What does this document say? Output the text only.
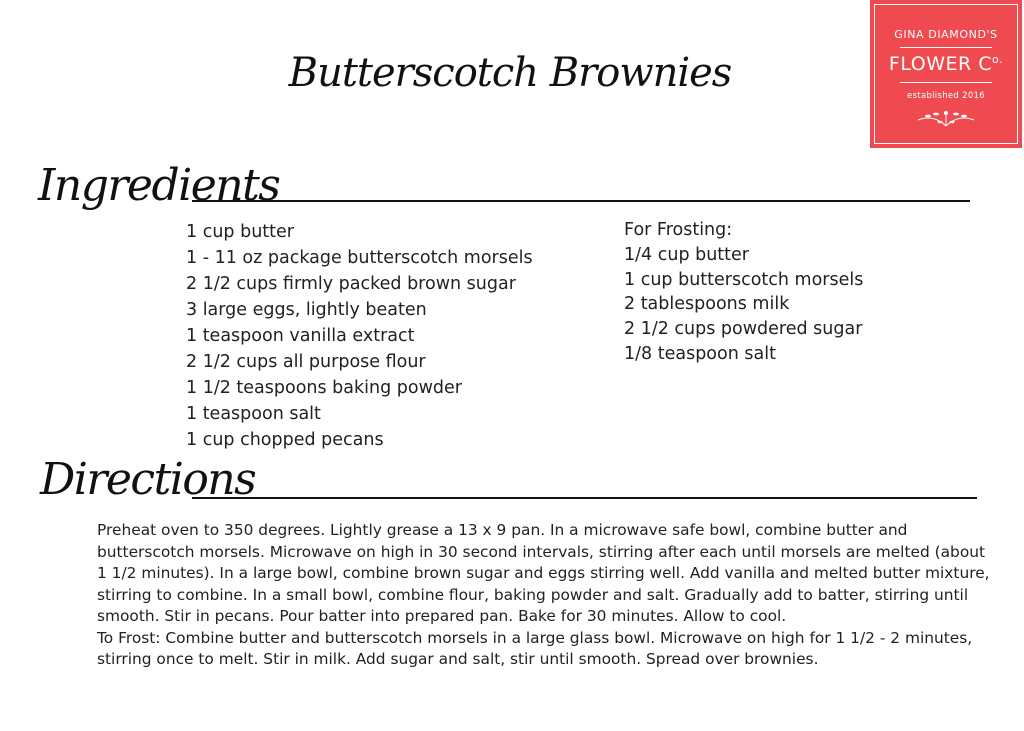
Butterscotch Brownies
Ingredients
1 cup butter
1 - 11 oz package butterscotch morsels
2 1/2 cups firmly packed brown sugar
3 large eggs, lightly beaten
1 teaspoon vanilla extract
2 1/2 cups all purpose flour
1 1/2 teaspoons baking powder
1 teaspoon salt
1 cup chopped pecans
For Frosting:
1/4 cup butter
1 cup butterscotch morsels
2 tablespoons milk
2 1/2 cups powdered sugar
1/8 teaspoon salt
Directions

Preheat oven to 350 degrees. Lightly grease a 13 x 9 pan. In a microwave safe bowl, combine butter and butterscotch morsels. Microwave on high in 30 second intervals, stirring after each until morsels are melted (about 1 1/2 minutes). In a large bowl, combine brown sugar and eggs stirring well. Add vanilla and melted butter mixture, stirring to combine. In a small bowl, combine flour, baking powder and salt. Gradually add to batter, stirring until smooth. Stir in pecans. Pour batter into prepared pan. Bake for 30 minutes. Allow to cool.

To Frost: Combine butter and butterscotch morsels in a large glass bowl. Microwave on high for 1 1/2 - 2 minutes, stirring once to melt. Stir in milk. Add sugar and salt, stir until smooth. Spread over brownies.

GINA DIAMOND'S
FLOWER $C^{o.}$
established 2016
